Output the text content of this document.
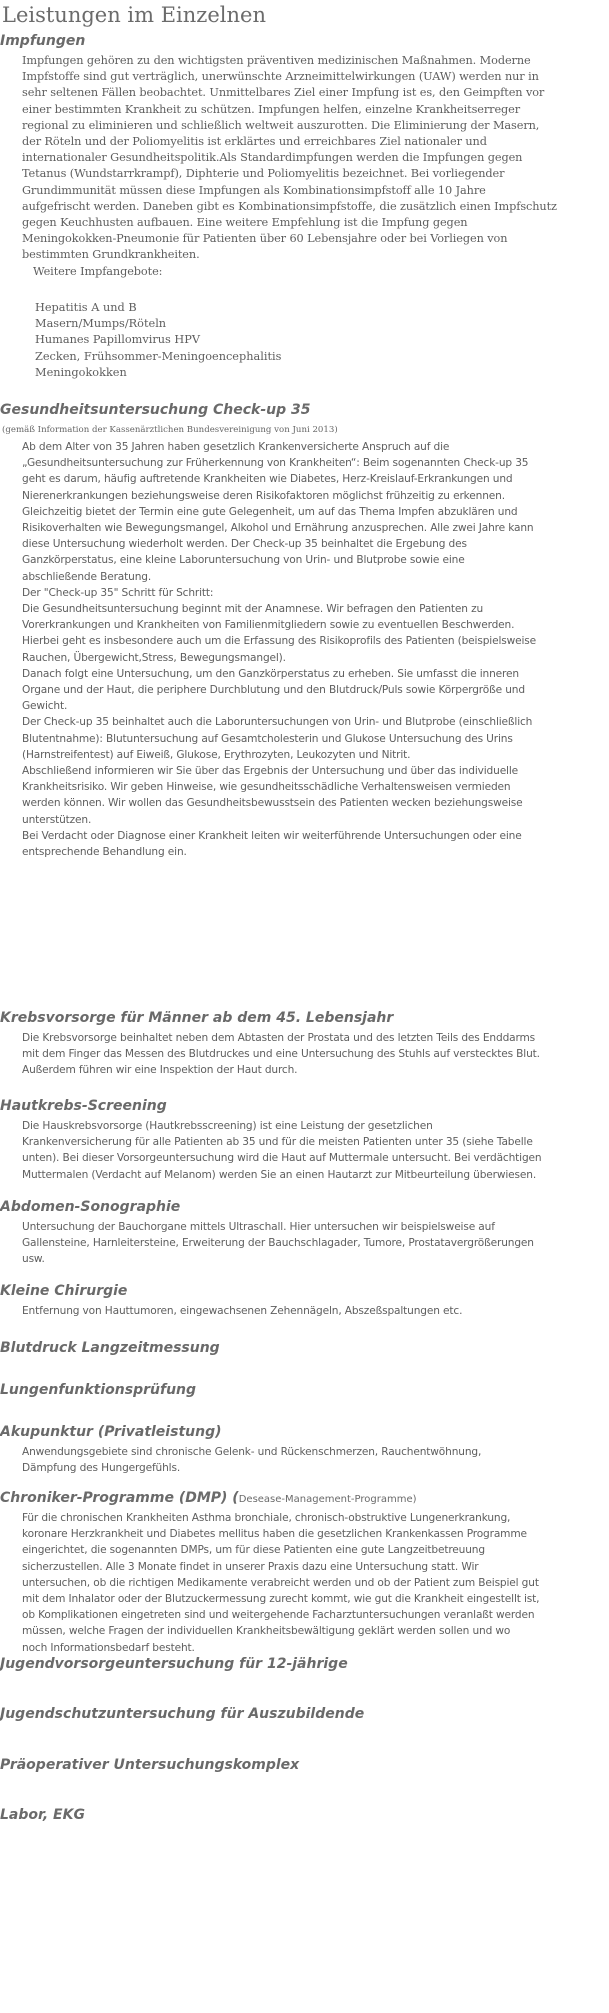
Leistungen im Einzelnen
Impfungen
Impfungen gehören zu den wichtigsten präventiven medizinischen Maßnahmen. Moderne
Impfstoffe sind gut verträglich, unerwünschte Arzneimittelwirkungen (UAW) werden nur in
sehr seltenen Fällen beobachtet. Unmittelbares Ziel einer Impfung ist es, den Geimpften vor
einer bestimmten Krankheit zu schützen. Impfungen helfen, einzelne Krankheitserreger
regional zu eliminieren und schließlich weltweit auszurotten. Die Eliminierung der Masern,
der Röteln und der Poliomyelitis ist erklärtes und erreichbares Ziel nationaler und
internationaler Gesundheitspolitik.Als Standardimpfungen werden die Impfungen gegen
Tetanus (Wundstarrkrampf), Diphterie und Poliomyelitis bezeichnet. Bei vorliegender
Grundimmunität müssen diese Impfungen als Kombinationsimpfstoff alle 10 Jahre
aufgefrischt werden. Daneben gibt es Kombinationsimpfstoffe, die zusätzlich einen Impfschutz
gegen Keuchhusten aufbauen. Eine weitere Empfehlung ist die Impfung gegen
Meningokokken-Pneumonie für Patienten über 60 Lebensjahre oder bei Vorliegen von
bestimmten Grundkrankheiten.
Weitere Impfangebote:
Hepatitis A und B
Masern/Mumps/Röteln
Humanes Papillomvirus HPV
Zecken, Frühsommer-Meningoencephalitis
Meningokokken
Gesundheitsuntersuchung Check-up 35

(gemäß Information der Kassenärztlichen Bundesvereinigung von Juni 2013)

Ab dem Alter von 35 Jahren haben gesetzlich Krankenversicherte Anspruch auf die
„Gesundheitsuntersuchung zur Früherkennung von Krankheiten“: Beim sogenannten Check-up 35
geht es darum, häufig auftretende Krankheiten wie Diabetes, Herz-Kreislauf-Erkrankungen und
Nierenerkrankungen beziehungsweise deren Risikofaktoren möglichst frühzeitig zu erkennen.
Gleichzeitig bietet der Termin eine gute Gelegenheit, um auf das Thema Impfen abzuklären und
Risikoverhalten wie Bewegungsmangel, Alkohol und Ernährung anzusprechen. Alle zwei Jahre kann
diese Untersuchung wiederholt werden. Der Check-up 35 beinhaltet die Ergebung des
Ganzkörperstatus, eine kleine Laboruntersuchung von Urin- und Blutprobe sowie eine
abschließende Beratung.
Der "Check-up 35" Schritt für Schritt:
Die Gesundheitsuntersuchung beginnt mit der Anamnese. Wir befragen den Patienten zu
Vorerkrankungen und Krankheiten von Familienmitgliedern sowie zu eventuellen Beschwerden.
Hierbei geht es insbesondere auch um die Erfassung des Risikoprofils des Patienten (beispielsweise
Rauchen, Übergewicht,Stress, Bewegungsmangel).
Danach folgt eine Untersuchung, um den Ganzkörperstatus zu erheben. Sie umfasst die inneren
Organe und der Haut, die periphere Durchblutung und den Blutdruck/Puls sowie Körpergröße und
Gewicht.
Der Check-up 35 beinhaltet auch die Laboruntersuchungen von Urin- und Blutprobe (einschließlich
Blutentnahme): Blutuntersuchung auf Gesamtcholesterin und Glukose Untersuchung des Urins
(Harnstreifentest) auf Eiweiß, Glukose, Erythrozyten, Leukozyten und Nitrit.
Abschließend informieren wir Sie über das Ergebnis der Untersuchung und über das individuelle
Krankheitsrisiko. Wir geben Hinweise, wie gesundheitsschädliche Verhaltensweisen vermieden
werden können. Wir wollen das Gesundheitsbewusstsein des Patienten wecken beziehungsweise
unterstützen.
Bei Verdacht oder Diagnose einer Krankheit leiten wir weiterführende Untersuchungen oder eine
entsprechende Behandlung ein.
Krebsvorsorge für Männer ab dem 45. Lebensjahr
Die Krebsvorsorge beinhaltet neben dem Abtasten der Prostata und des letzten Teils des Enddarms
mit dem Finger das Messen des Blutdruckes und eine Untersuchung des Stuhls auf verstecktes Blut.
Außerdem führen wir eine Inspektion der Haut durch.
Hautkrebs-Screening
Die Hauskrebsvorsorge (Hautkrebsscreening) ist eine Leistung der gesetzlichen
Krankenversicherung für alle Patienten ab 35 und für die meisten Patienten unter 35 (siehe Tabelle
unten). Bei dieser Vorsorgeuntersuchung wird die Haut auf Muttermale untersucht. Bei verdächtigen
Muttermalen (Verdacht auf Melanom) werden Sie an einen Hautarzt zur Mitbeurteilung überwiesen.
Abdomen-Sonographie
Untersuchung der Bauchorgane mittels Ultraschall. Hier untersuchen wir beispielsweise auf
Gallensteine, Harnleitersteine, Erweiterung der Bauchschlagader, Tumore, Prostatavergrößerungen
usw.
Kleine Chirurgie
Entfernung von Hauttumoren, eingewachsenen Zehennägeln, Abszeßspaltungen etc.
Blutdruck Langzeitmessung
Lungenfunktionsprüfung
Akupunktur (Privatleistung)
Anwendungsgebiete sind chronische Gelenk- und Rückenschmerzen, Rauchentwöhnung,
Dämpfung des Hungergefühls.
Chroniker-Programme (DMP) (Desease-Management-Programme)
Für die chronischen Krankheiten Asthma bronchiale, chronisch-obstruktive Lungenerkrankung,
koronare Herzkrankheit und Diabetes mellitus haben die gesetzlichen Krankenkassen Programme
eingerichtet, die sogenannten DMPs, um für diese Patienten eine gute Langzeitbetreuung
sicherzustellen. Alle 3 Monate findet in unserer Praxis dazu eine Untersuchung statt. Wir
untersuchen, ob die richtigen Medikamente verabreicht werden und ob der Patient zum Beispiel gut
mit dem Inhalator oder der Blutzuckermessung zurecht kommt, wie gut die Krankheit eingestellt ist,
ob Komplikationen eingetreten sind und weitergehende Facharztuntersuchungen veranlaßt werden
müssen, welche Fragen der individuellen Krankheitsbewältigung geklärt werden sollen und wo
noch Informationsbedarf besteht.
Jugendvorsorgeuntersuchung für 12-jährige
Jugendschutzuntersuchung für Auszubildende
Präoperativer Untersuchungskomplex
Labor, EKG
